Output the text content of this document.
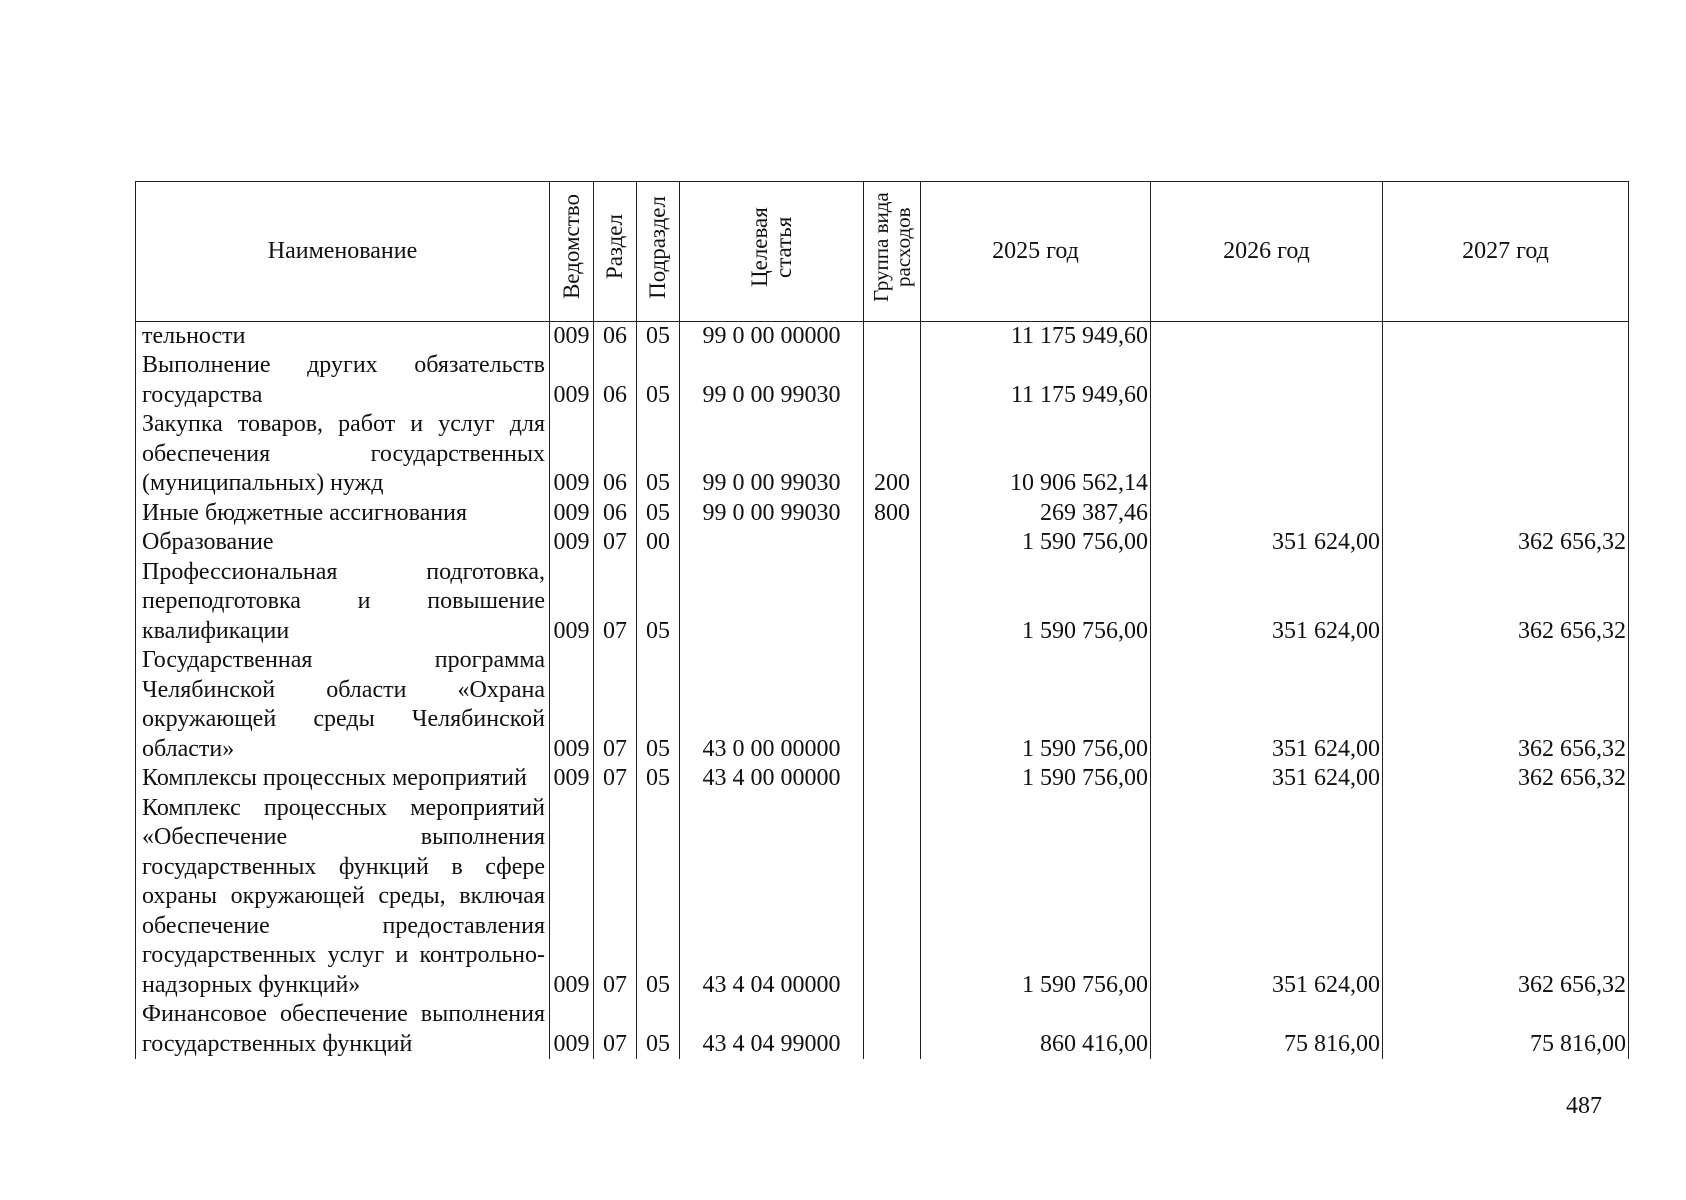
Наименование	Ведомство	Раздел	Подраздел	Целевая статья	Группа вида расходов	2025 год	2026 год	2027 год

тельности	009	06	05	99 0 00 00000		11 175 949,60		

Выполнение других обязательств государства	009	06	05	99 0 00 99030		11 175 949,60		

Закупка товаров, работ и услуг для обеспечения государственных (муниципальных) нужд	009	06	05	99 0 00 99030	200	10 906 562,14		

Иные бюджетные ассигнования	009	06	05	99 0 00 99030	800	269 387,46		

Образование	009	07	00			1 590 756,00	351 624,00	362 656,32

Профессиональная подготовка, переподготовка и повышение квалификации	009	07	05			1 590 756,00	351 624,00	362 656,32

Государственная программа Челябинской области «Охрана окружающей среды Челябинской области»	009	07	05	43 0 00 00000		1 590 756,00	351 624,00	362 656,32

Комплексы процессных мероприятий	009	07	05	43 4 00 00000		1 590 756,00	351 624,00	362 656,32

Комплекс процессных мероприятий «Обеспечение выполнения государственных функций в сфере охраны окружающей среды, включая обеспечение предоставления государственных услуг и контрольно-надзорных функций»	009	07	05	43 4 04 00000		1 590 756,00	351 624,00	362 656,32

Финансовое обеспечение выполнения государственных функций	009	07	05	43 4 04 99000		860 416,00	75 816,00	75 816,00
487
